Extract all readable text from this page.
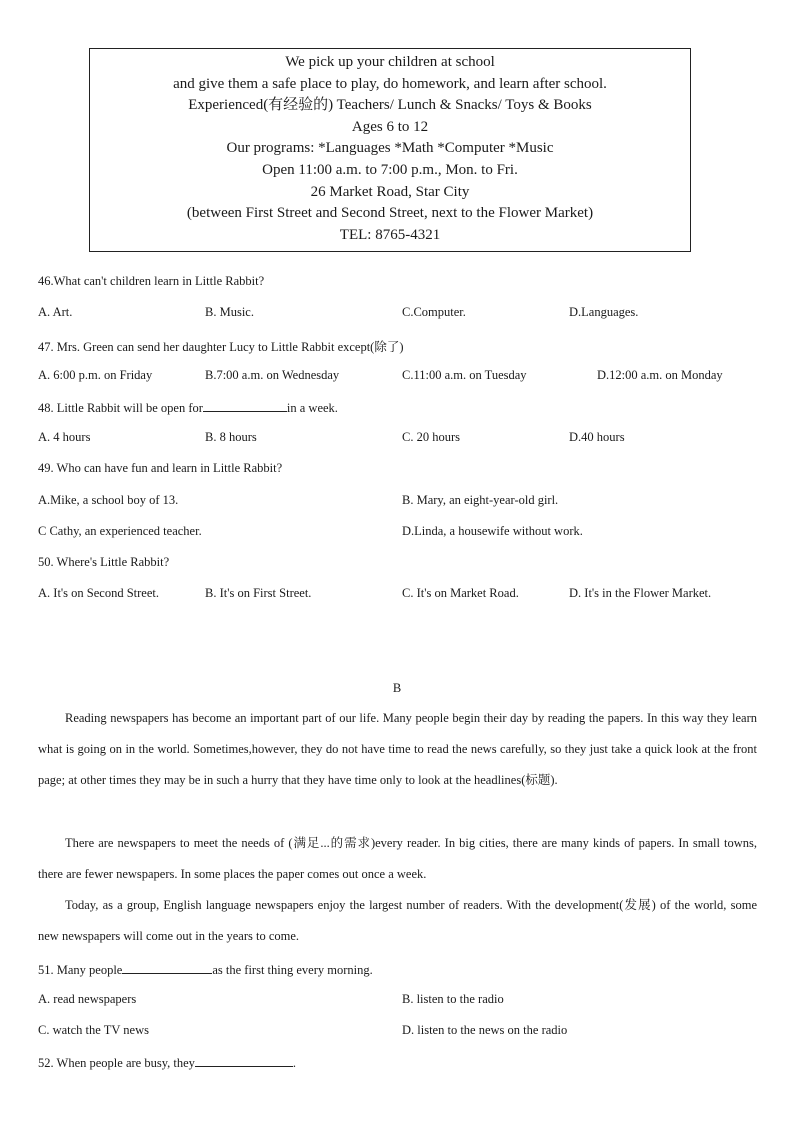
We pick up your children at school
and give them a safe place to play, do homework, and learn after school.
Experienced(有经验的) Teachers/ Lunch & Snacks/ Toys & Books
Ages 6 to 12
Our programs: *Languages *Math *Computer *Music
Open 11:00 a.m. to 7:00 p.m., Mon. to Fri.
26 Market Road, Star City
(between First Street and Second Street, next to the Flower Market)
TEL: 8765-4321
46.What can't children learn in Little Rabbit?
A. Art.	B. Music.	C.Computer.	D.Languages.
47. Mrs. Green can send her daughter Lucy to Little Rabbit except(除了)
A. 6:00 p.m. on Friday	B.7:00 a.m. on Wednesday	C.11:00 a.m. on Tuesday	D.12:00 a.m. on Monday
48. Little Rabbit will be open for	in a week.
A. 4 hours	B. 8 hours	C. 20 hours	D.40 hours
49. Who can have fun and learn in Little Rabbit?
A.Mike, a school boy of 13.	B. Mary, an eight-year-old girl.
C Cathy, an experienced teacher.	D.Linda, a housewife without work.
50. Where's Little Rabbit?
A. It's on Second Street.	B. It's on First Street.	C. It's on Market Road.	D. It's in the Flower Market.
B

Reading newspapers has become an important part of our life. Many people begin their day by reading the papers. In this way they learn what is going on in the world. Sometimes,however, they do not have time to read the news carefully, so they just take a quick look at the front page; at other times they may be in such a hurry that they have time only to look at the headlines(标题).

There are newspapers to meet the needs of (满足...的需求)every reader. In big cities, there are many kinds of papers. In small towns, there are fewer newspapers. In some places the paper comes out once a week.

Today, as a group, English language newspapers enjoy the largest number of readers. With the development(发展) of the world, some new newspapers will come out in the years to come.

51. Many people	as the first thing every morning.
A. read newspapers	B. listen to the radio
C. watch the TV news	D. listen to the news on the radio
52. When people are busy, they	.
